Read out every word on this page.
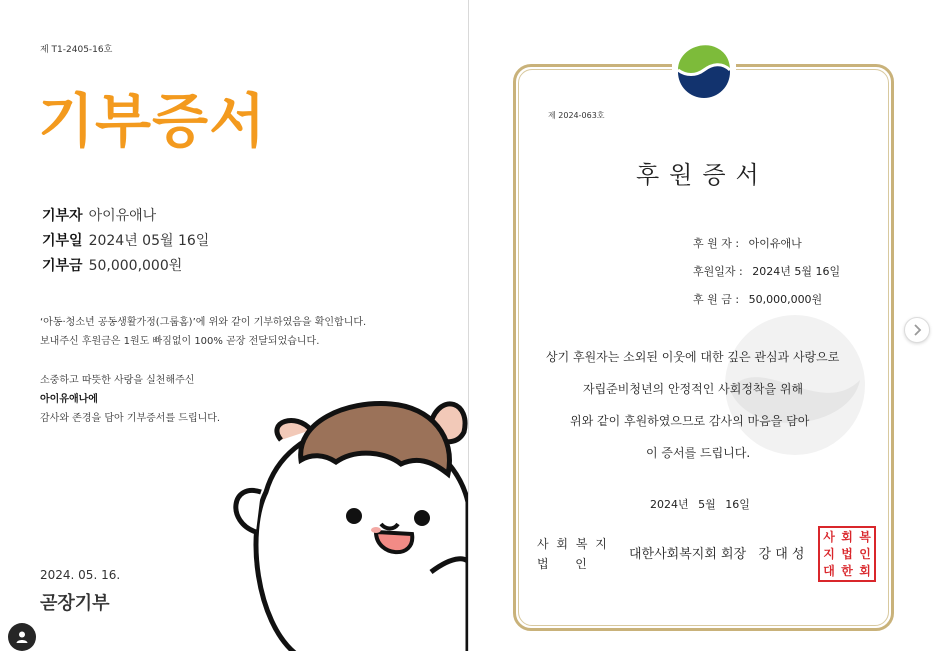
제 T1-2405-16호
기부증서
기부자 아이유애나
기부일 2024년 05월 16일
기부금 50,000,000원
‘아동·청소년 공동생활가정(그룹홈)’에 위와 같이 기부하였음을 확인합니다.
보내주신 후원금은 1원도 빠짐없이 100% 곧장 전달되었습니다.
소중하고 따뜻한 사랑을 실천해주신
아이유애나에
감사와 존경을 담아 기부증서를 드립니다.
2024. 05. 16.
곧장기부
제 2024-063호
후원증서
후 원 자 : 아이유애나
후원일자 : 2024년 5월 16일
후 원 금 : 50,000,000원
상기 후원자는 소외된 이웃에 대한 깊은 관심과 사랑으로
자립준비청년의 안정적인 사회정착을 위해
위와 같이 후원하였으므로 감사의 마음을 담아
이 증서를 드립니다.
2024년 5월 16일
사 회 복 지
법       인
대한사회복지회 회장   강 대 성
사 회 복
지 법 인
대 한 회
